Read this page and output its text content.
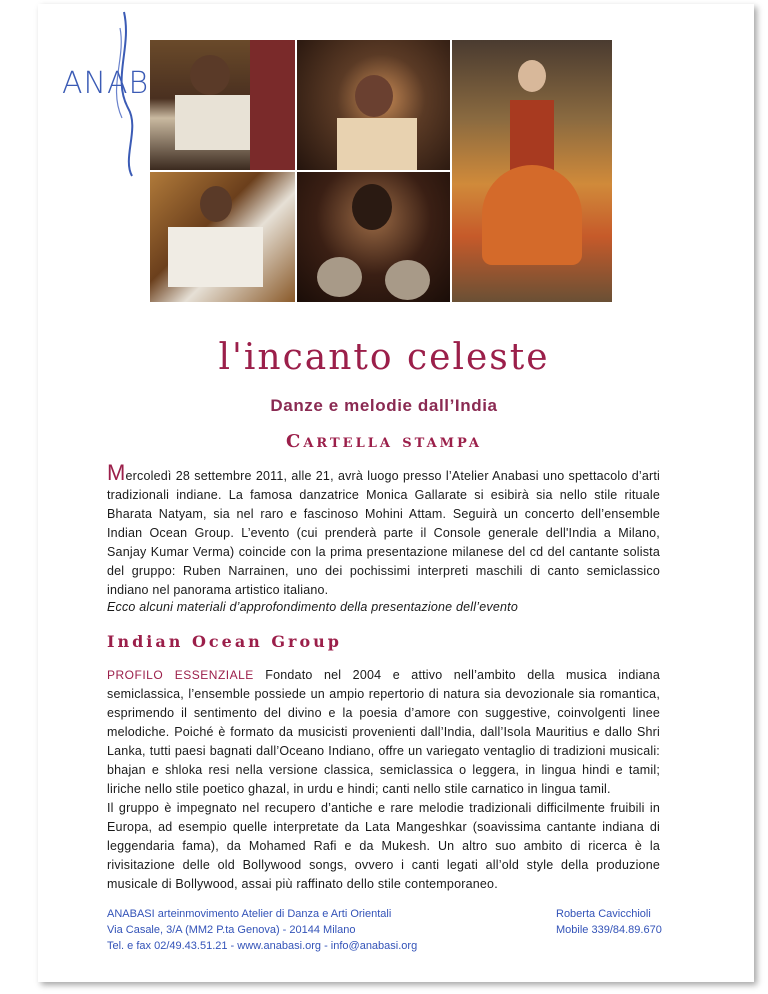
ANAB
l'incanto celeste
Danze e melodie dall’India
Cartella stampa
Mercoledì 28 settembre 2011, alle 21, avrà luogo presso l’Atelier Anabasi uno spettacolo d’arti tradizionali indiane. La famosa danzatrice Monica Gallarate si esibirà sia nello stile rituale Bharata Natyam, sia nel raro e fascinoso Mohini Attam. Seguirà un concerto dell’ensemble Indian Ocean Group. L’evento (cui prenderà parte il Console generale dell'India a Milano, Sanjay Kumar Verma) coincide con la prima presentazione milanese del cd del cantante solista del gruppo: Ruben Narrainen, uno dei pochissimi interpreti maschili di canto semiclassico indiano nel panorama artistico italiano.
Ecco alcuni materiali d’approfondimento della presentazione dell’evento
Indian Ocean Group
PROFILO ESSENZIALE Fondato nel 2004 e attivo nell’ambito della musica indiana semiclassica, l’ensemble possiede un ampio repertorio di natura sia devozionale sia romantica, esprimendo il sentimento del divino e la poesia d’amore con suggestive, coinvolgenti linee melodiche. Poiché è formato da musicisti provenienti dall’India, dall’Isola Mauritius e dallo Shri Lanka, tutti paesi bagnati dall’Oceano Indiano, offre un variegato ventaglio di tradizioni musicali: bhajan e shloka resi nella versione classica, semiclassica o leggera, in lingua hindi e tamil; liriche nello stile poetico ghazal, in urdu e hindi; canti nello stile carnatico in lingua tamil.
Il gruppo è impegnato nel recupero d’antiche e rare melodie tradizionali difficilmente fruibili in Europa, ad esempio quelle interpretate da Lata Mangeshkar (soavissima cantante indiana di leggendaria fama), da Mohamed Rafi e da Mukesh. Un altro suo ambito di ricerca è la rivisitazione delle old Bollywood songs, ovvero i canti legati all’old style della produzione musicale di Bollywood, assai più raffinato dello stile contemporaneo.
ANABASI arteinmovimento Atelier di Danza e Arti Orientali
Via Casale, 3/A (MM2 P.ta Genova) - 20144 Milano
Tel. e fax 02/49.43.51.21 - www.anabasi.org - info@anabasi.org
Roberta Cavicchioli
Mobile 339/84.89.670
